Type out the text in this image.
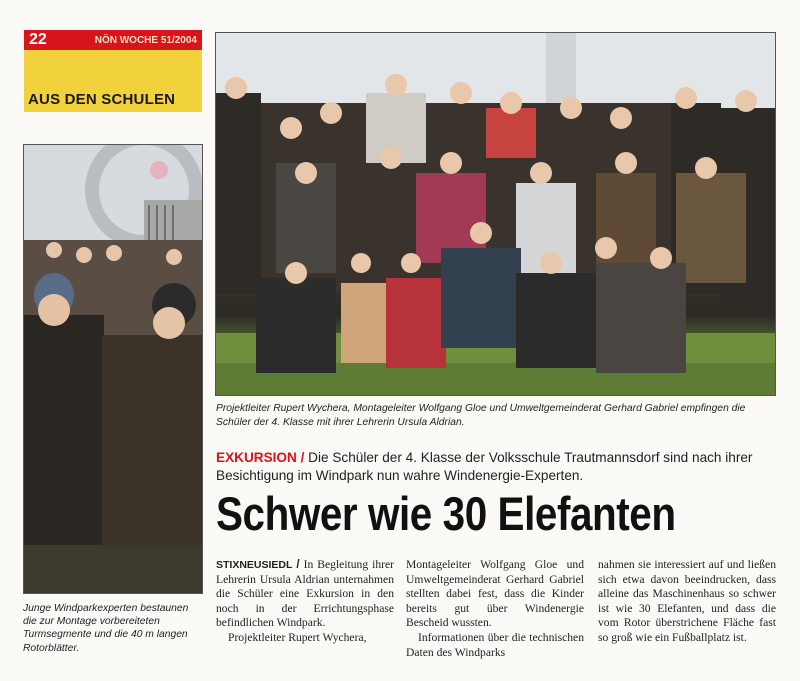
22	NÖN WOCHE 51/2004
AUS DEN SCHULEN
Projektleiter Rupert Wychera, Montageleiter Wolfgang Gloe und Umweltgemeinderat Gerhard Gabriel empfingen die Schüler der 4. Klasse mit ihrer Lehrerin Ursula Aldrian.
Junge Windparkexperten bestaunen die zur Montage vorbereiteten Turmsegmente und die 40 m langen Rotorblätter.
EXKURSION / Die Schüler der 4. Klasse der Volksschule Trautmannsdorf sind nach ihrer Besichtigung im Windpark nun wahre Windenergie-Experten.
Schwer wie 30 Elefanten

STIXNEUSIEDL / In Begleitung ihrer Lehrerin Ursula Aldrian unternahmen die Schüler eine Exkursion in den noch in der Errichtungsphase befindlichen Windpark.

Projektleiter Rupert Wychera,

Montageleiter Wolfgang Gloe und Umweltgemeinderat Gerhard Gabriel stellten dabei fest, dass die Kinder bereits gut über Windenergie Bescheid wussten.

Informationen über die technischen Daten des Windparks

nahmen sie interessiert auf und ließen sich etwa davon beeindrucken, dass alleine das Maschinenhaus so schwer ist wie 30 Elefanten, und dass die vom Rotor überstrichene Fläche fast so groß wie ein Fußballplatz ist.
